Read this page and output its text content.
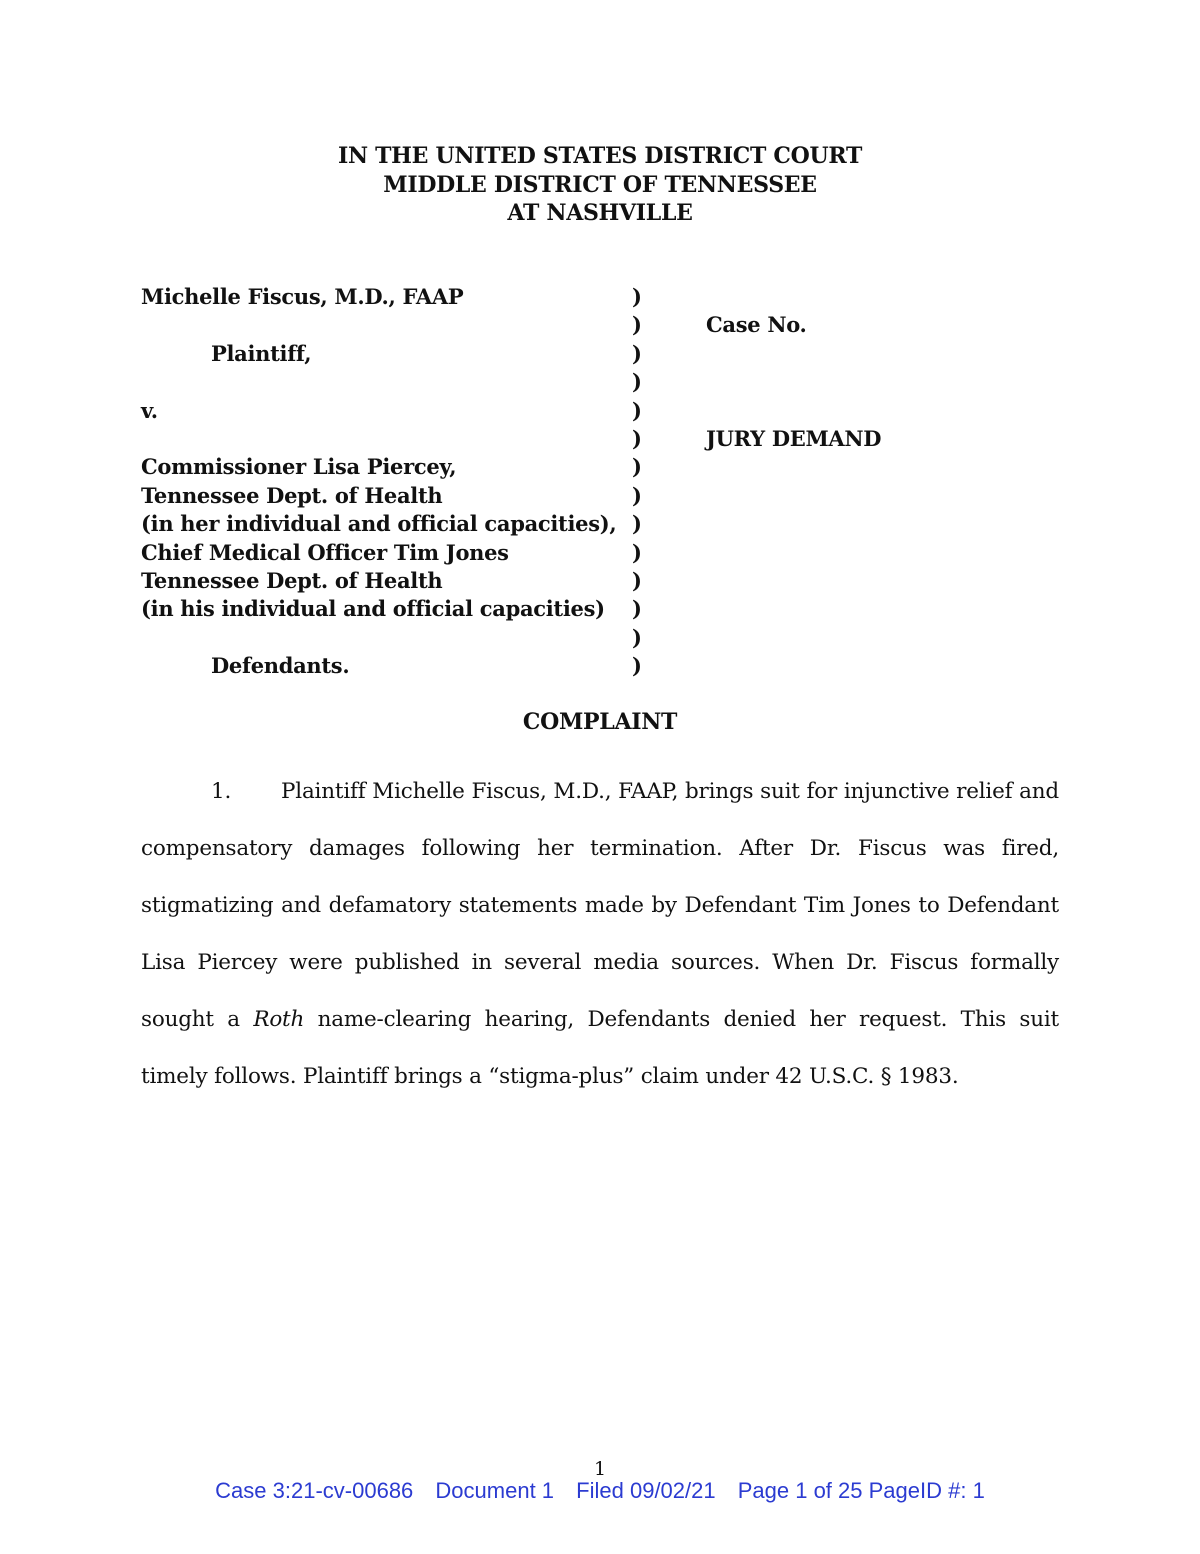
IN THE UNITED STATES DISTRICT COURT
MIDDLE DISTRICT OF TENNESSEE
AT NASHVILLE
Michelle Fiscus, M.D., FAAP
Plaintiff,
v.
Commissioner Lisa Piercey,
Tennessee Dept. of Health
(in her individual and official capacities),
Chief Medical Officer Tim Jones
Tennessee Dept. of Health
(in his individual and official capacities)
Defendants.
)
)
)
)
)
)
)
)
)
)
)
)
)
)
Case No.
JURY DEMAND
COMPLAINT
1. Plaintiff Michelle Fiscus, M.D., FAAP, brings suit for injunctive relief and compensatory damages following her termination. After Dr. Fiscus was fired, stigmatizing and defamatory statements made by Defendant Tim Jones to Defendant Lisa Piercey were published in several media sources. When Dr. Fiscus formally sought a Roth name-clearing hearing, Defendants denied her request. This suit timely follows. Plaintiff brings a “stigma-plus” claim under 42 U.S.C. § 1983.
1
Case 3:21-cv-00686 Document 1 Filed 09/02/21 Page 1 of 25 PageID #: 1
